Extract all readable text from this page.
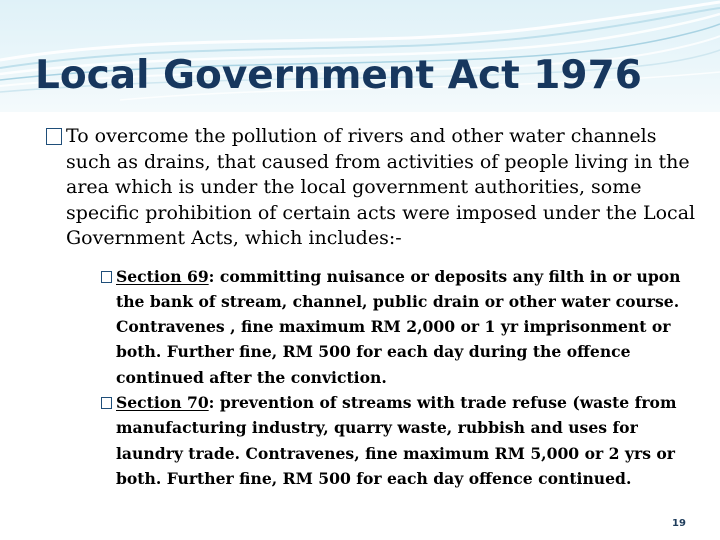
Local Government Act 1976
To overcome the pollution of rivers and other water channels such as drains, that caused from activities of people living in the area which is under the local government authorities, some specific prohibition of certain acts were imposed under the Local Government Acts, which includes:-
Section 69: committing nuisance or deposits any filth in or upon the bank of stream, channel, public drain or other water course. Contravenes , fine maximum RM 2,000 or 1 yr imprisonment or both. Further fine, RM 500 for each day during the offence continued after the conviction.
Section 70: prevention of streams with trade refuse (waste from manufacturing industry, quarry waste, rubbish and uses for laundry trade. Contravenes, fine maximum RM 5,000 or 2 yrs or both. Further fine, RM 500 for each day offence continued.
19
